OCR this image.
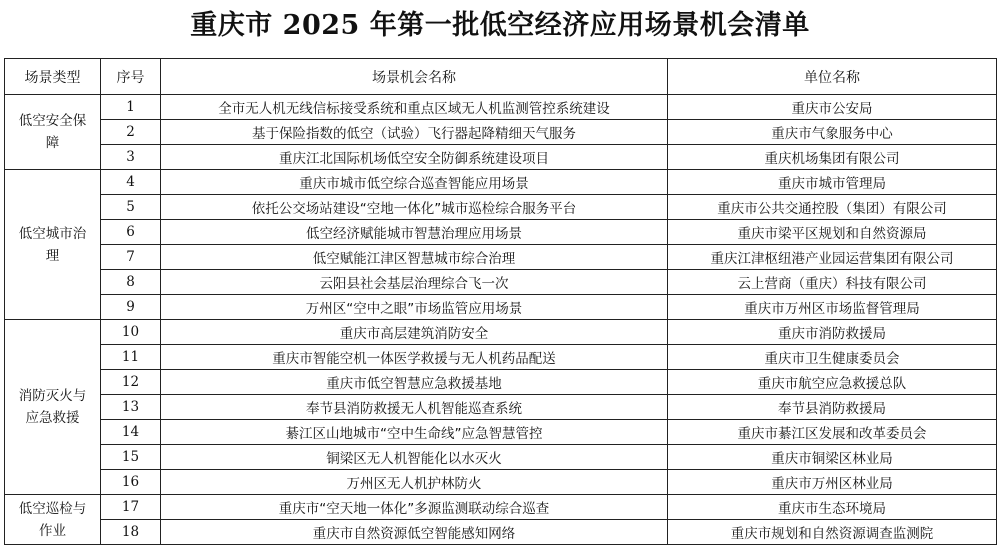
重庆市 2025 年第一批低空经济应用场景机会清单
场景类型	序号	场景机会名称	单位名称
低空安全保障	1	全市无人机无线信标接受系统和重点区域无人机监测管控系统建设	重庆市公安局
	2	基于保险指数的低空（试验）飞行器起降精细天气服务	重庆市气象服务中心
	3	重庆江北国际机场低空安全防御系统建设项目	重庆机场集团有限公司
低空城市治理	4	重庆市城市低空综合巡查智能应用场景	重庆市城市管理局
	5	依托公交场站建设“空地一体化”城市巡检综合服务平台	重庆市公共交通控股（集团）有限公司
	6	低空经济赋能城市智慧治理应用场景	重庆市梁平区规划和自然资源局
	7	低空赋能江津区智慧城市综合治理	重庆江津枢纽港产业园运营集团有限公司
	8	云阳县社会基层治理综合飞一次	云上营商（重庆）科技有限公司
	9	万州区“空中之眼”市场监管应用场景	重庆市万州区市场监督管理局
消防灭火与应急救援	10	重庆市高层建筑消防安全	重庆市消防救援局
	11	重庆市智能空机一体医学救援与无人机药品配送	重庆市卫生健康委员会
	12	重庆市低空智慧应急救援基地	重庆市航空应急救援总队
	13	奉节县消防救援无人机智能巡查系统	奉节县消防救援局
	14	綦江区山地城市“空中生命线”应急智慧管控	重庆市綦江区发展和改革委员会
	15	铜梁区无人机智能化以水灭火	重庆市铜梁区林业局
	16	万州区无人机护林防火	重庆市万州区林业局
低空巡检与作业	17	重庆市“空天地一体化”多源监测联动综合巡查	重庆市生态环境局
	18	重庆市自然资源低空智能感知网络	重庆市规划和自然资源调查监测院
